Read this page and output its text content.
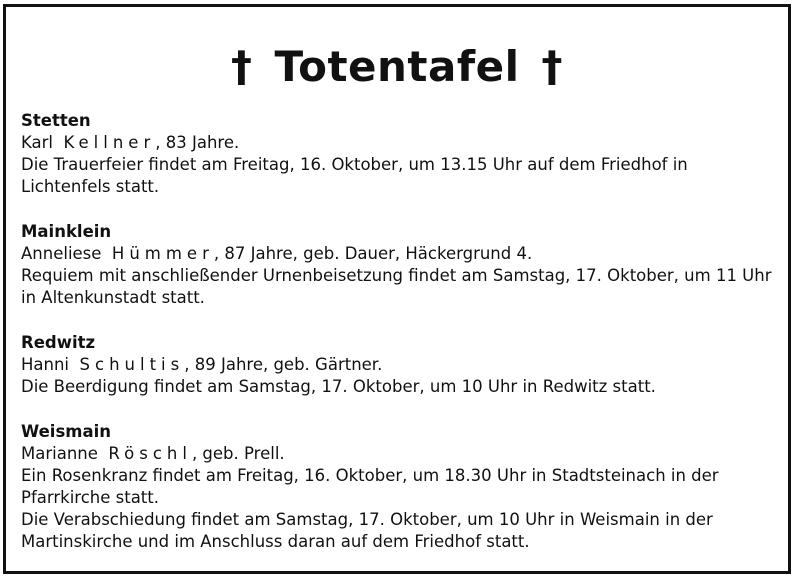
† Totentafel †
Stetten
Karl Kellner, 83 Jahre.
Die Trauerfeier findet am Freitag, 16. Oktober, um 13.15 Uhr auf dem Friedhof in
Lichtenfels statt.
Mainklein
Anneliese Hümmer, 87 Jahre, geb. Dauer, Häckergrund 4.
Requiem mit anschließender Urnenbeisetzung findet am Samstag, 17. Oktober, um 11 Uhr
in Altenkunstadt statt.
Redwitz
Hanni Schultis, 89 Jahre, geb. Gärtner.
Die Beerdigung findet am Samstag, 17. Oktober, um 10 Uhr in Redwitz statt.
Weismain
Marianne Röschl, geb. Prell.
Ein Rosenkranz findet am Freitag, 16. Oktober, um 18.30 Uhr in Stadtsteinach in der
Pfarrkirche statt.
Die Verabschiedung findet am Samstag, 17. Oktober, um 10 Uhr in Weismain in der
Martinskirche und im Anschluss daran auf dem Friedhof statt.
